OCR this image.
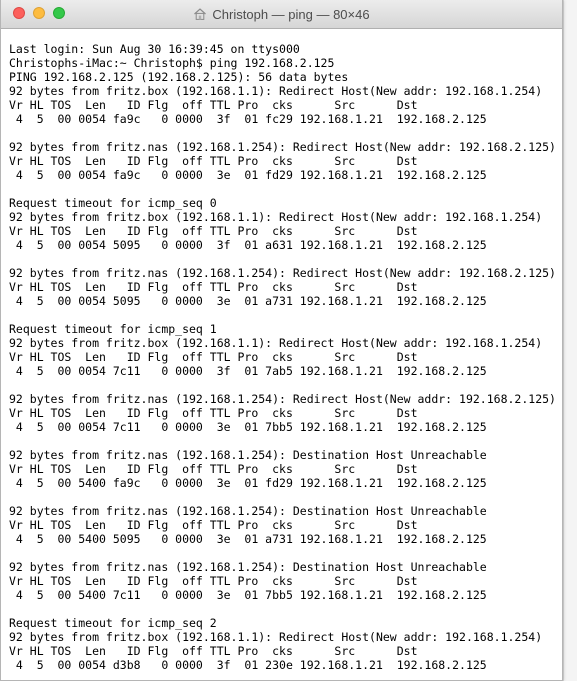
Christoph — ping — 80×46
Last login: Sun Aug 30 16:39:45 on ttys000
Christophs-iMac:~ Christoph$ ping 192.168.2.125
PING 192.168.2.125 (192.168.2.125): 56 data bytes
92 bytes from fritz.box (192.168.1.1): Redirect Host(New addr: 192.168.1.254)
Vr HL TOS  Len   ID Flg  off TTL Pro  cks      Src      Dst
4  5  00 0054 fa9c   0 0000  3f  01 fc29 192.168.1.21  192.168.2.125
92 bytes from fritz.nas (192.168.1.254): Redirect Host(New addr: 192.168.2.125)
Vr HL TOS  Len   ID Flg  off TTL Pro  cks      Src      Dst
4  5  00 0054 fa9c   0 0000  3e  01 fd29 192.168.1.21  192.168.2.125
Request timeout for icmp_seq 0
92 bytes from fritz.box (192.168.1.1): Redirect Host(New addr: 192.168.1.254)
Vr HL TOS  Len   ID Flg  off TTL Pro  cks      Src      Dst
4  5  00 0054 5095   0 0000  3f  01 a631 192.168.1.21  192.168.2.125
92 bytes from fritz.nas (192.168.1.254): Redirect Host(New addr: 192.168.2.125)
Vr HL TOS  Len   ID Flg  off TTL Pro  cks      Src      Dst
4  5  00 0054 5095   0 0000  3e  01 a731 192.168.1.21  192.168.2.125
Request timeout for icmp_seq 1
92 bytes from fritz.box (192.168.1.1): Redirect Host(New addr: 192.168.1.254)
Vr HL TOS  Len   ID Flg  off TTL Pro  cks      Src      Dst
4  5  00 0054 7c11   0 0000  3f  01 7ab5 192.168.1.21  192.168.2.125
92 bytes from fritz.nas (192.168.1.254): Redirect Host(New addr: 192.168.2.125)
Vr HL TOS  Len   ID Flg  off TTL Pro  cks      Src      Dst
4  5  00 0054 7c11   0 0000  3e  01 7bb5 192.168.1.21  192.168.2.125
92 bytes from fritz.nas (192.168.1.254): Destination Host Unreachable
Vr HL TOS  Len   ID Flg  off TTL Pro  cks      Src      Dst
4  5  00 5400 fa9c   0 0000  3e  01 fd29 192.168.1.21  192.168.2.125
92 bytes from fritz.nas (192.168.1.254): Destination Host Unreachable
Vr HL TOS  Len   ID Flg  off TTL Pro  cks      Src      Dst
4  5  00 5400 5095   0 0000  3e  01 a731 192.168.1.21  192.168.2.125
92 bytes from fritz.nas (192.168.1.254): Destination Host Unreachable
Vr HL TOS  Len   ID Flg  off TTL Pro  cks      Src      Dst
4  5  00 5400 7c11   0 0000  3e  01 7bb5 192.168.1.21  192.168.2.125
Request timeout for icmp_seq 2
92 bytes from fritz.box (192.168.1.1): Redirect Host(New addr: 192.168.1.254)
Vr HL TOS  Len   ID Flg  off TTL Pro  cks      Src      Dst
4  5  00 0054 d3b8   0 0000  3f  01 230e 192.168.1.21  192.168.2.125
